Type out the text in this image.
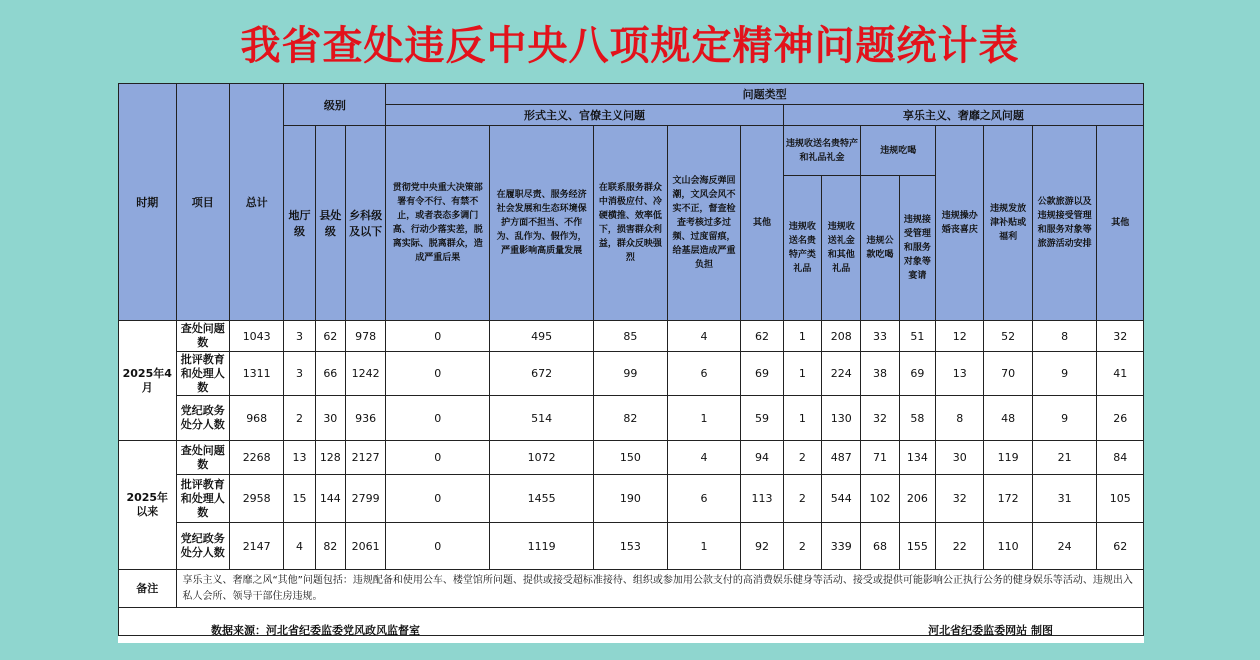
我省查处违反中央八项规定精神问题统计表
时期	项目	总计	级别			问题类型												
						形式主义、官僚主义问题					享乐主义、奢靡之风问题							
			地厅级	县处级	乡科级及以下	贯彻党中央重大决策部署有令不行、有禁不止，或者表态多调门高、行动少落实差，脱离实际、脱离群众，造成严重后果	在履职尽责、服务经济社会发展和生态环境保护方面不担当、不作为、乱作为、假作为，严重影响高质量发展	在联系服务群众中消极应付、冷硬横推、效率低下，损害群众利益，群众反映强烈	文山会海反弹回潮，文风会风不实不正，督查检查考核过多过频、过度留痕，给基层造成严重负担	其他	违规收送名贵特产和礼品礼金		违规吃喝		违规操办婚丧喜庆	违规发放津补贴或福利	公款旅游以及违规接受管理和服务对象等旅游活动安排	其他
											违规收送名贵特产类礼品	违规收送礼金和其他礼品	违规公款吃喝	违规接受管理和服务对象等宴请				
2025年4月	查处问题数	1043	3	62	978	0	495	85	4	62	1	208	33	51	12	52	8	32
	批评教育和处理人数	1311	3	66	1242	0	672	99	6	69	1	224	38	69	13	70	9	41
	党纪政务处分人数	968	2	30	936	0	514	82	1	59	1	130	32	58	8	48	9	26
2025年以来	查处问题数	2268	13	128	2127	0	1072	150	4	94	2	487	71	134	30	119	21	84
	批评教育和处理人数	2958	15	144	2799	0	1455	190	6	113	2	544	102	206	32	172	31	105
	党纪政务处分人数	2147	4	82	2061	0	1119	153	1	92	2	339	68	155	22	110	24	62
备注	享乐主义、奢靡之风“其他”问题包括：违规配备和使用公车、楼堂馆所问题、提供或接受超标准接待、组织或参加用公款支付的高消费娱乐健身等活动、接受或提供可能影响公正执行公务的健身娱乐等活动、违规出入私人会所、领导干部住房违规。																	

数据来源：河北省纪委监委党风政风监督室 河北省纪委监委网站 制图																		
